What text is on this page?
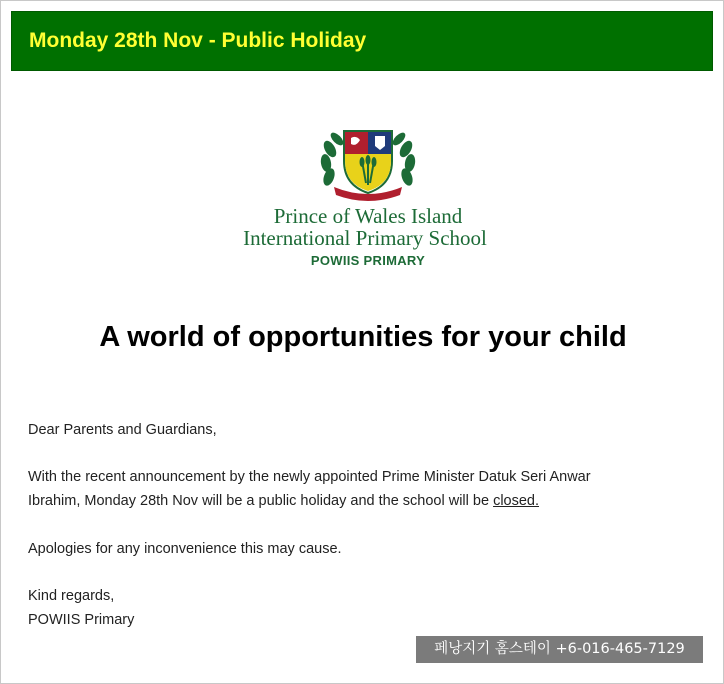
Monday 28th Nov - Public Holiday
Prince of Wales Island
International Primary School
POWIIS PRIMARY
A world of opportunities for your child
Dear Parents and Guardians,
With the recent announcement by the newly appointed Prime Minister Datuk Seri Anwar
Ibrahim, Monday 28th Nov will be a public holiday and the school will be closed.
Apologies for any inconvenience this may cause.
Kind regards,
POWIIS Primary
페낭지기 홈스테이 +6-016-465-7129
